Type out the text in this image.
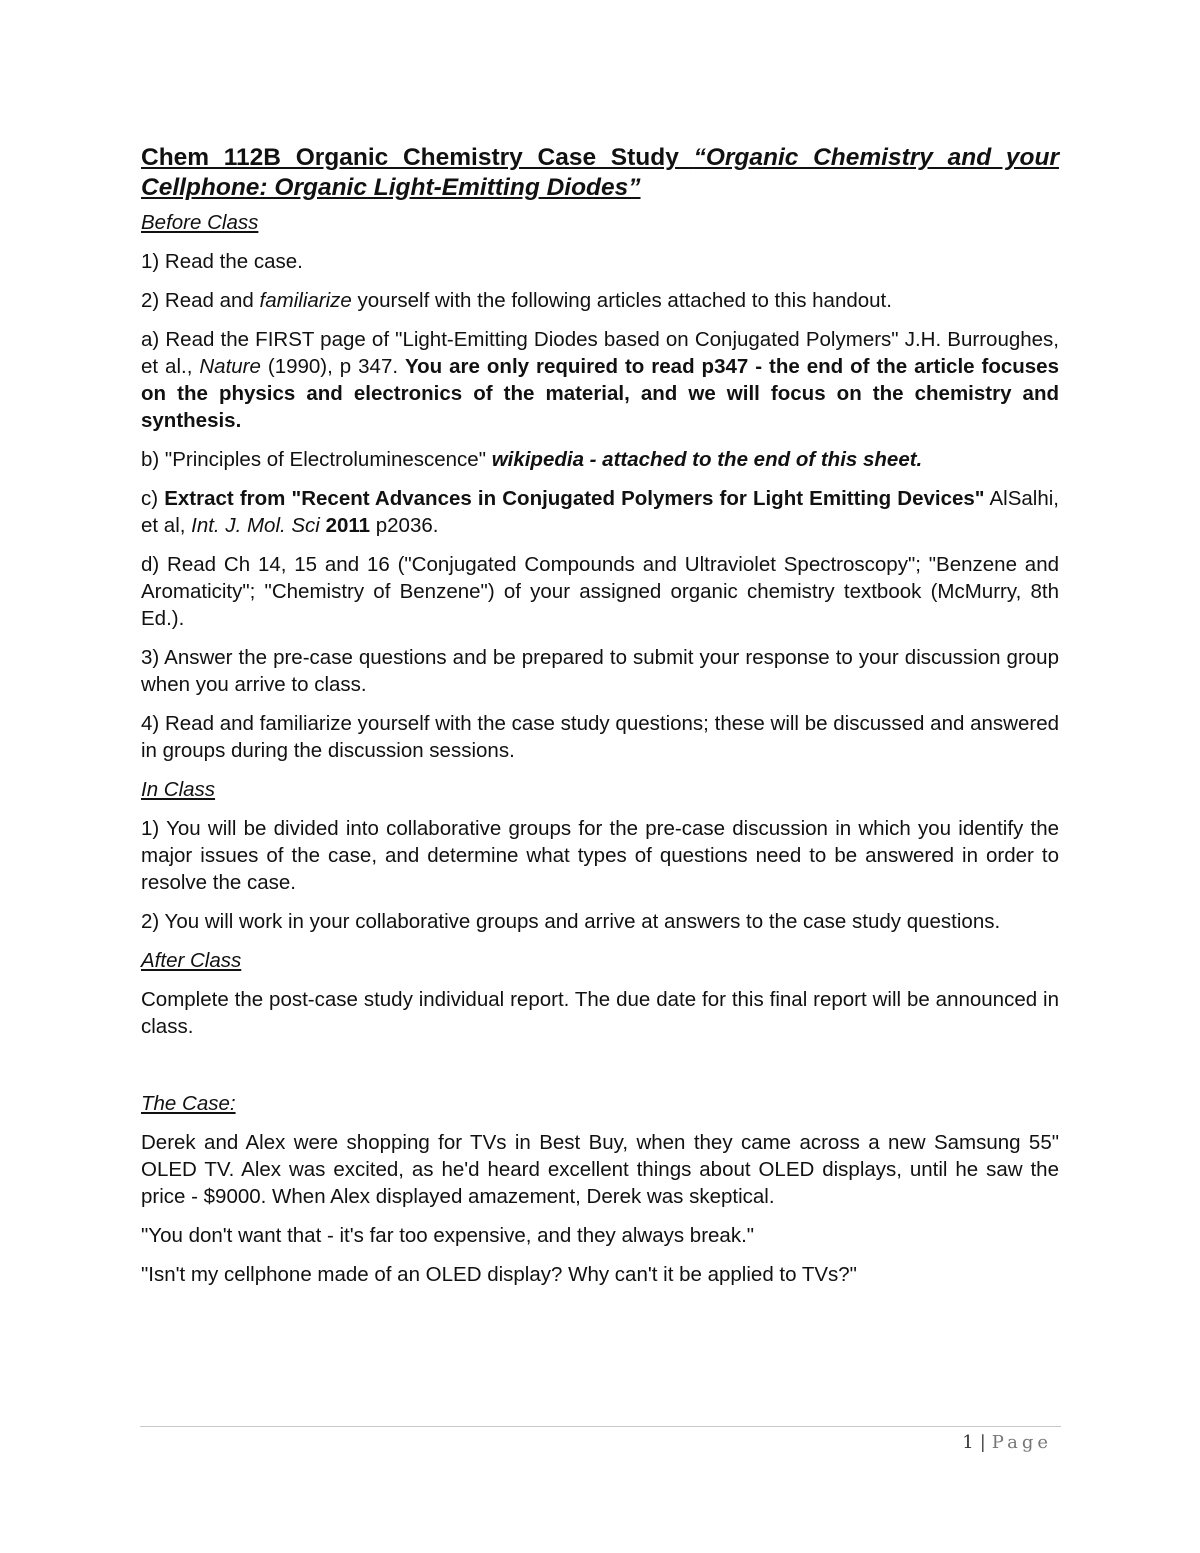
Chem 112B Organic Chemistry Case Study “Organic Chemistry and your Cellphone: Organic Light-Emitting Diodes”
Before Class

1) Read the case.

2) Read and familiarize yourself with the following articles attached to this handout.

a) Read the FIRST page of "Light-Emitting Diodes based on Conjugated Polymers" J.H. Burroughes, et al., Nature (1990), p 347. You are only required to read p347 - the end of the article focuses on the physics and electronics of the material, and we will focus on the chemistry and synthesis.

b) "Principles of Electroluminescence" wikipedia - attached to the end of this sheet.

c) Extract from "Recent Advances in Conjugated Polymers for Light Emitting Devices" AlSalhi, et al, Int. J. Mol. Sci 2011 p2036.

d) Read Ch 14, 15 and 16 ("Conjugated Compounds and Ultraviolet Spectroscopy"; "Benzene and Aromaticity"; "Chemistry of Benzene") of your assigned organic chemistry textbook (McMurry, 8th Ed.).

3) Answer the pre-case questions and be prepared to submit your response to your discussion group when you arrive to class.

4) Read and familiarize yourself with the case study questions; these will be discussed and answered in groups during the discussion sessions.

In Class

1) You will be divided into collaborative groups for the pre-case discussion in which you identify the major issues of the case, and determine what types of questions need to be answered in order to resolve the case.

2) You will work in your collaborative groups and arrive at answers to the case study questions.

After Class

Complete the post-case study individual report. The due date for this final report will be announced in class.

The Case:

Derek and Alex were shopping for TVs in Best Buy, when they came across a new Samsung 55" OLED TV. Alex was excited, as he'd heard excellent things about OLED displays, until he saw the price - $9000. When Alex displayed amazement, Derek was skeptical.

"You don't want that - it's far too expensive, and they always break."

"Isn't my cellphone made of an OLED display? Why can't it be applied to TVs?"

1 | Page
